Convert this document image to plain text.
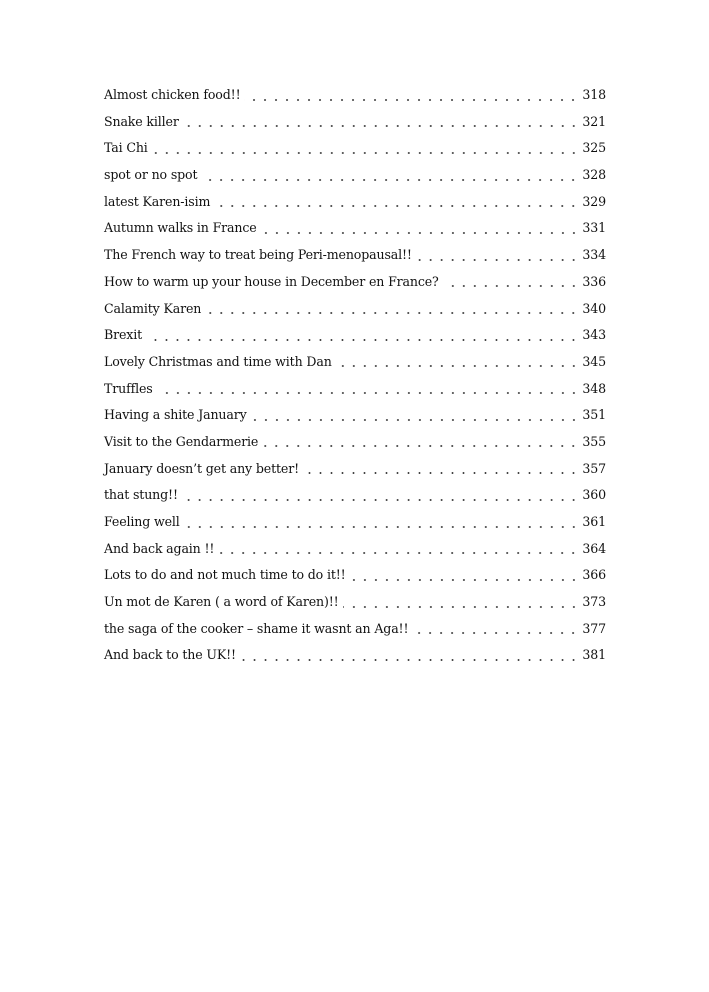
Almost chicken food!!	318
Snake killer	321
Tai Chi	325
spot or no spot	328
latest Karen-isim	329
Autumn walks in France	331
The French way to treat being Peri-menopausal!!	334
How to warm up your house in December en France?	336
Calamity Karen	340
Brexit	343
Lovely Christmas and time with Dan	345
Truffles	348
Having a shite January	351
Visit to the Gendarmerie	355
January doesn’t get any better!	357
that stung!!	360
Feeling well	361
And back again !!	364
Lots to do and not much time to do it!!	366
Un mot de Karen ( a word of Karen)!!	373
the saga of the cooker – shame it wasnt an Aga!!	377
And back to the UK!!	381
